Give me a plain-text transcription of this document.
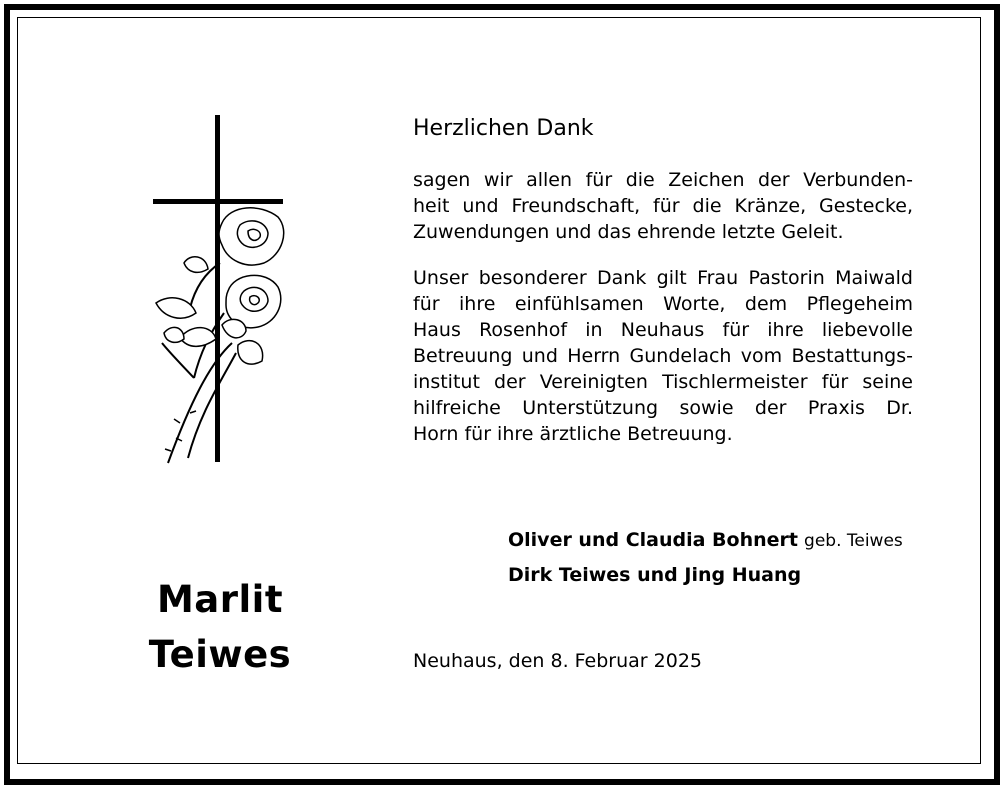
Marlit
Teiwes
Herzlichen Dank

sagen wir allen für die Zeichen der Verbunden-
heit und Freundschaft, für die Kränze, Gestecke,
Zuwendungen und das ehrende letzte Geleit.

Unser besonderer Dank gilt Frau Pastorin Maiwald
für ihre einfühlsamen Worte, dem Pflegeheim
Haus Rosenhof in Neuhaus für ihre liebevolle
Betreuung und Herrn Gundelach vom Bestattungs-
institut der Vereinigten Tischlermeister für seine
hilfreiche Unterstützung sowie der Praxis Dr.
Horn für ihre ärztliche Betreuung.

Oliver und Claudia Bohnert geb. Teiwes
Dirk Teiwes und Jing Huang
Neuhaus, den 8. Februar 2025
